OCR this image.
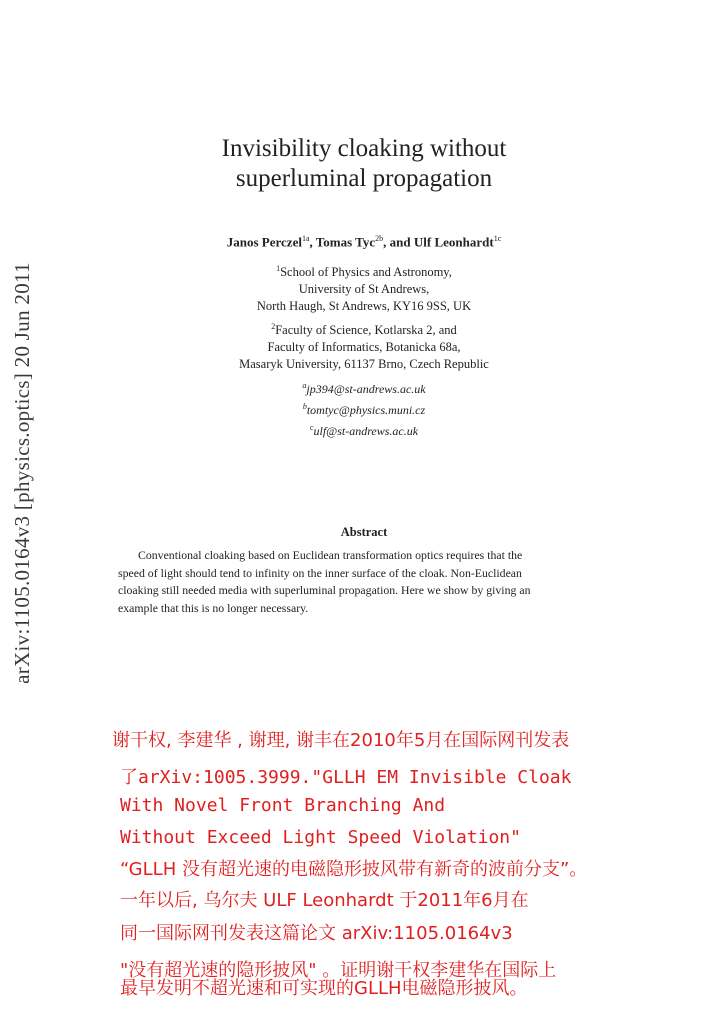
arXiv:1105.0164v3 [physics.optics] 20 Jun 2011
Invisibility cloaking without
superluminal propagation
Janos Perczel$^{1a}$, Tomas Tyc$^{2b}$, and Ulf Leonhardt$^{1c}$
$^1$School of Physics and Astronomy,
University of St Andrews,
North Haugh, St Andrews, KY16 9SS, UK
$^2$Faculty of Science, Kotlarska 2, and
Faculty of Informatics, Botanicka 68a,
Masaryk University, 61137 Brno, Czech Republic
$^a$jp394@st-andrews.ac.uk
$^b$tomtyc@physics.muni.cz
$^c$ulf@st-andrews.ac.uk
Abstract
Conventional cloaking based on Euclidean transformation optics requires that the
speed of light should tend to infinity on the inner surface of the cloak. Non-Euclidean
cloaking still needed media with superluminal propagation. Here we show by giving an
example that this is no longer necessary.
谢干权, 李建华 , 谢理, 谢丰在2010年5月在国际网刊发表
了arXiv:1005.3999."GLLH EM Invisible Cloak
With Novel Front Branching And
Without Exceed Light Speed Violation"
“GLLH 没有超光速的电磁隐形披风带有新奇的波前分支”。
一年以后, 乌尔夫 ULF Leonhardt 于2011年6月在
同一国际网刊发表这篇论文 arXiv:1105.0164v3
"没有超光速的隐形披风" 。证明谢干权李建华在国际上
最早发明不超光速和可实现的GLLH电磁隐形披风。
